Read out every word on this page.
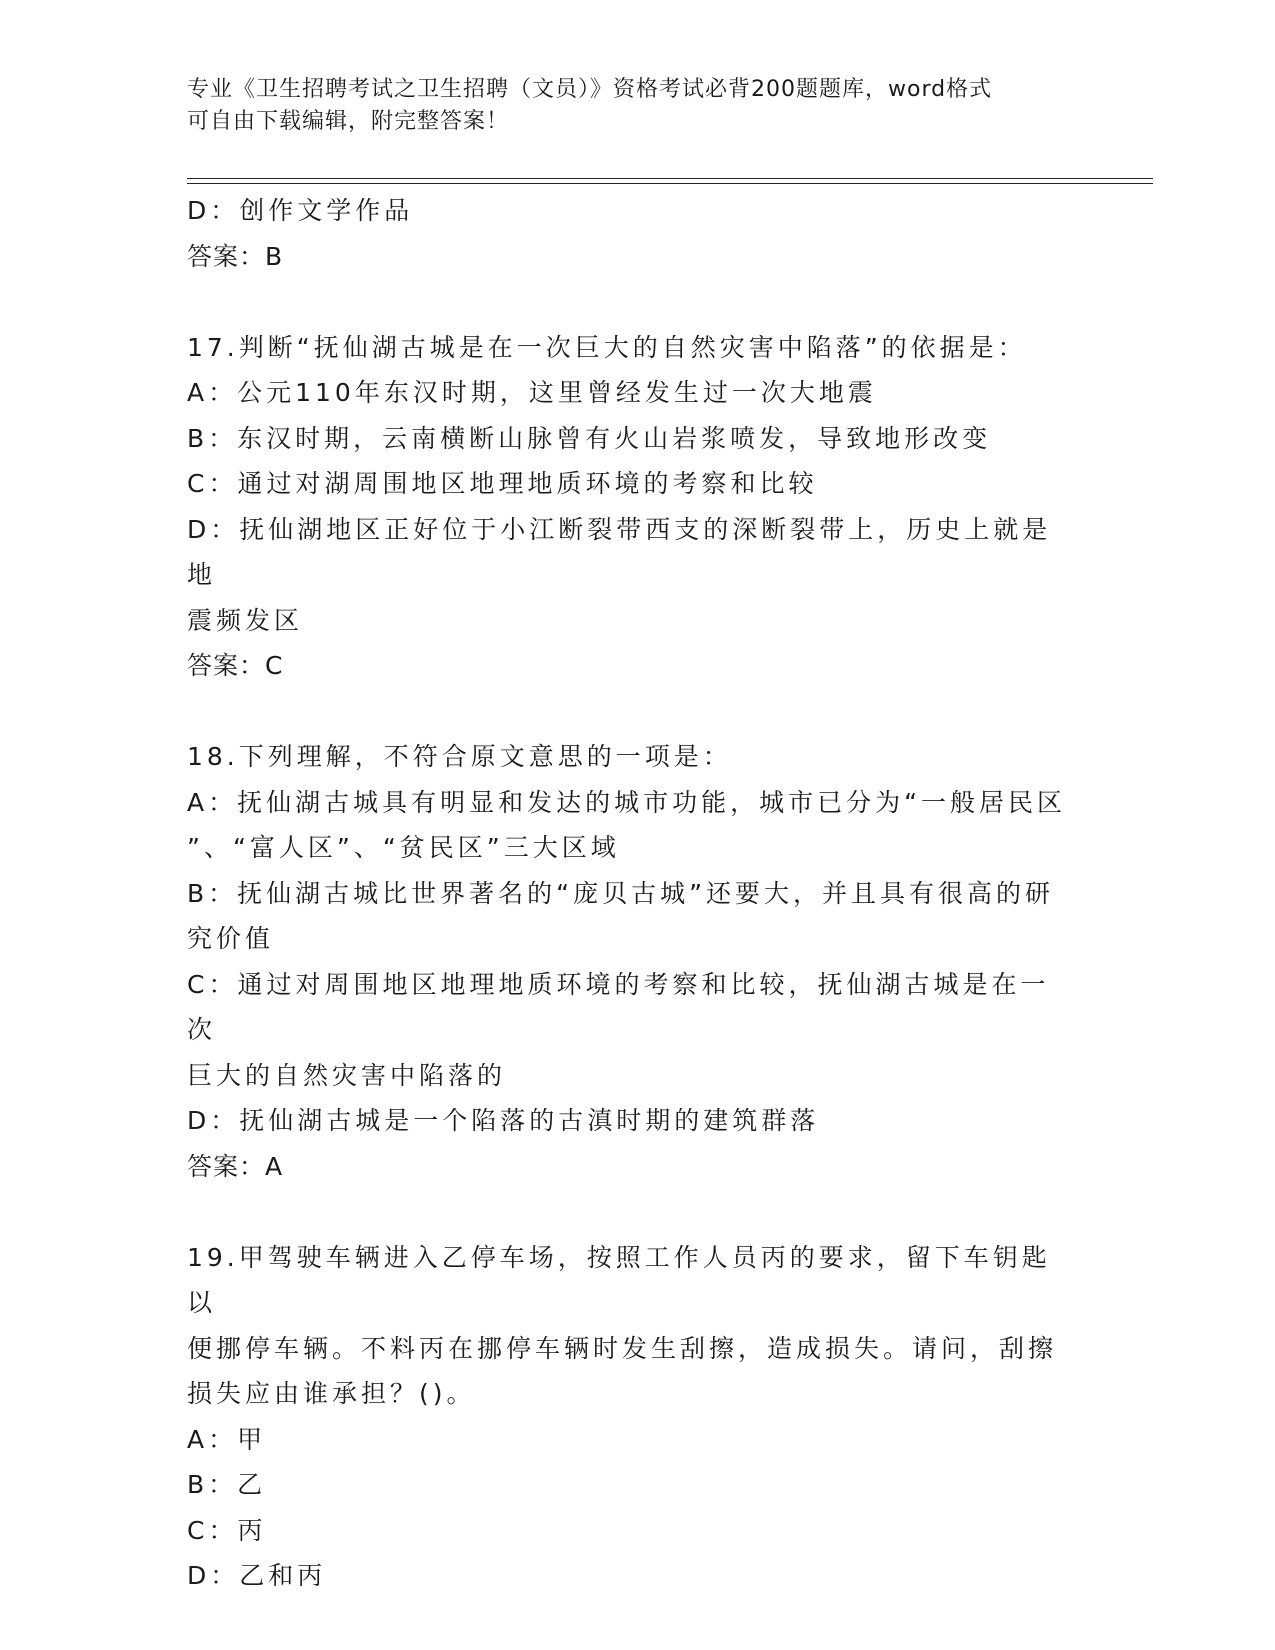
专业《卫生招聘考试之卫生招聘（文员）》资格考试必背200题题库，word格式
可自由下载编辑，附完整答案！
D：创作文学作品
答案：B
17.判断“抚仙湖古城是在一次巨大的自然灾害中陷落”的依据是：
A：公元110年东汉时期，这里曾经发生过一次大地震
B：东汉时期，云南横断山脉曾有火山岩浆喷发，导致地形改变
C：通过对湖周围地区地理地质环境的考察和比较
D：抚仙湖地区正好位于小江断裂带西支的深断裂带上，历史上就是地
震频发区
答案：C
18.下列理解，不符合原文意思的一项是：
A：抚仙湖古城具有明显和发达的城市功能，城市已分为“一般居民区
”、“富人区”、“贫民区”三大区域
B：抚仙湖古城比世界著名的“庞贝古城”还要大，并且具有很高的研
究价值
C：通过对周围地区地理地质环境的考察和比较，抚仙湖古城是在一次
巨大的自然灾害中陷落的
D：抚仙湖古城是一个陷落的古滇时期的建筑群落
答案：A
19.甲驾驶车辆进入乙停车场，按照工作人员丙的要求，留下车钥匙以
便挪停车辆。不料丙在挪停车辆时发生刮擦，造成损失。请问，刮擦
损失应由谁承担？()。
A：甲
B：乙
C：丙
D：乙和丙
